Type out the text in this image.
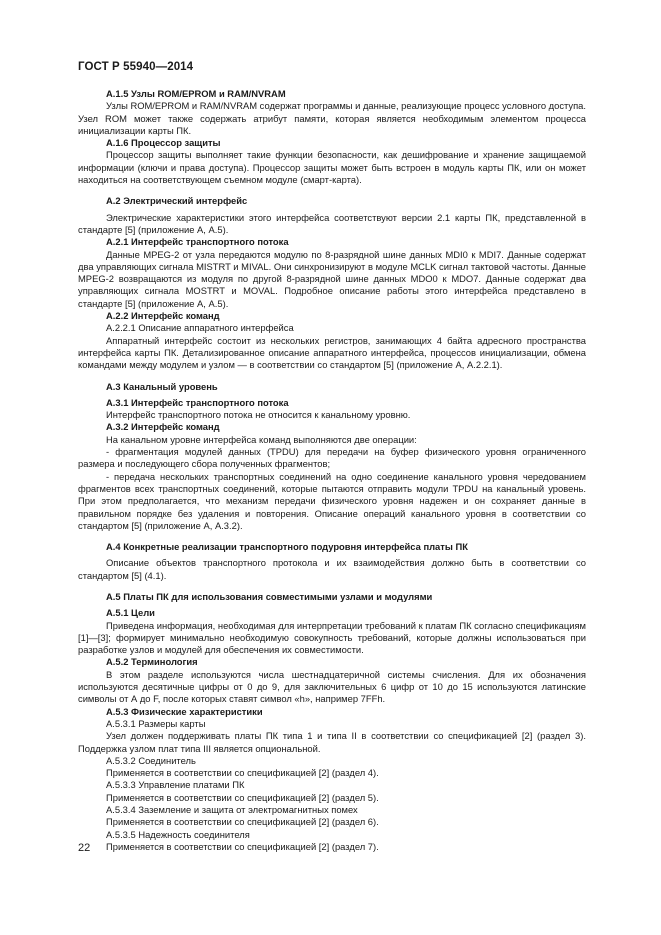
ГОСТ Р 55940—2014

A.1.5 Узлы ROM/EPROM и RAM/NVRAM

Узлы ROM/EPROM и RAM/NVRAM содержат программы и данные, реализующие процесс условного доступа. Узел ROM может также содержать атрибут памяти, которая является необходимым элементом процесса инициализации карты ПК.

A.1.6 Процессор защиты

Процессор защиты выполняет такие функции безопасности, как дешифрование и хранение защищаемой информации (ключи и права доступа). Процессор защиты может быть встроен в модуль карты ПК, или он может находиться на соответствующем съемном модуле (смарт-карта).

A.2 Электрический интерфейс

Электрические характеристики этого интерфейса соответствуют версии 2.1 карты ПК, представленной в стандарте [5] (приложение А, А.5).

A.2.1 Интерфейс транспортного потока

Данные MPEG-2 от узла передаются модулю по 8-разрядной шине данных MDI0 к MDI7. Данные содержат два управляющих сигнала MISTRT и MIVAL. Они синхронизируют в модуле MCLK сигнал тактовой частоты. Данные MPEG-2 возвращаются из модуля по другой 8-разрядной шине данных MDO0 к MDO7. Данные содержат два управляющих сигнала MOSTRT и MOVAL. Подробное описание работы этого интерфейса представлено в стандарте [5] (приложение А, А.5).

A.2.2 Интерфейс команд

A.2.2.1 Описание аппаратного интерфейса

Аппаратный интерфейс состоит из нескольких регистров, занимающих 4 байта адресного пространства интерфейса карты ПК. Детализированное описание аппаратного интерфейса, процессов инициализации, обмена командами между модулем и узлом — в соответствии со стандартом [5] (приложение А, А.2.2.1).

A.3 Канальный уровень

A.3.1 Интерфейс транспортного потока

Интерфейс транспортного потока не относится к канальному уровню.

A.3.2 Интерфейс команд

На канальном уровне интерфейса команд выполняются две операции:

- фрагментация модулей данных (TPDU) для передачи на буфер физического уровня ограниченного размера и последующего сбора полученных фрагментов;

- передача нескольких транспортных соединений на одно соединение канального уровня чередованием фрагментов всех транспортных соединений, которые пытаются отправить модули TPDU на канальный уровень. При этом предполагается, что механизм передачи физического уровня надежен и он сохраняет данные в правильном порядке без удаления и повторения. Описание операций канального уровня в соответствии со стандартом [5] (приложение А, А.3.2).

A.4 Конкретные реализации транспортного подуровня интерфейса платы ПК

Описание объектов транспортного протокола и их взаимодействия должно быть в соответствии со стандартом [5] (4.1).

A.5 Платы ПК для использования совместимыми узлами и модулями

A.5.1 Цели

Приведена информация, необходимая для интерпретации требований к платам ПК согласно спецификациям [1]—[3]; формирует минимально необходимую совокупность требований, которые должны использоваться при разработке узлов и модулей для обеспечения их совместимости.

A.5.2 Терминология

В этом разделе используются числа шестнадцатеричной системы счисления. Для их обозначения используются десятичные цифры от 0 до 9, для заключительных 6 цифр от 10 до 15 используются латинские символы от А до F, после которых ставят символ «h», например 7FFh.

A.5.3 Физические характеристики

A.5.3.1 Размеры карты

Узел должен поддерживать платы ПК типа 1 и типа II в соответствии со спецификацией [2] (раздел 3). Поддержка узлом плат типа III является опциональной.

A.5.3.2 Соединитель

Применяется в соответствии со спецификацией [2] (раздел 4).

A.5.3.3 Управление платами ПК

Применяется в соответствии со спецификацией [2] (раздел 5).

A.5.3.4 Заземление и защита от электромагнитных помех

Применяется в соответствии со спецификацией [2] (раздел 6).

A.5.3.5 Надежность соединителя

Применяется в соответствии со спецификацией [2] (раздел 7).

22
